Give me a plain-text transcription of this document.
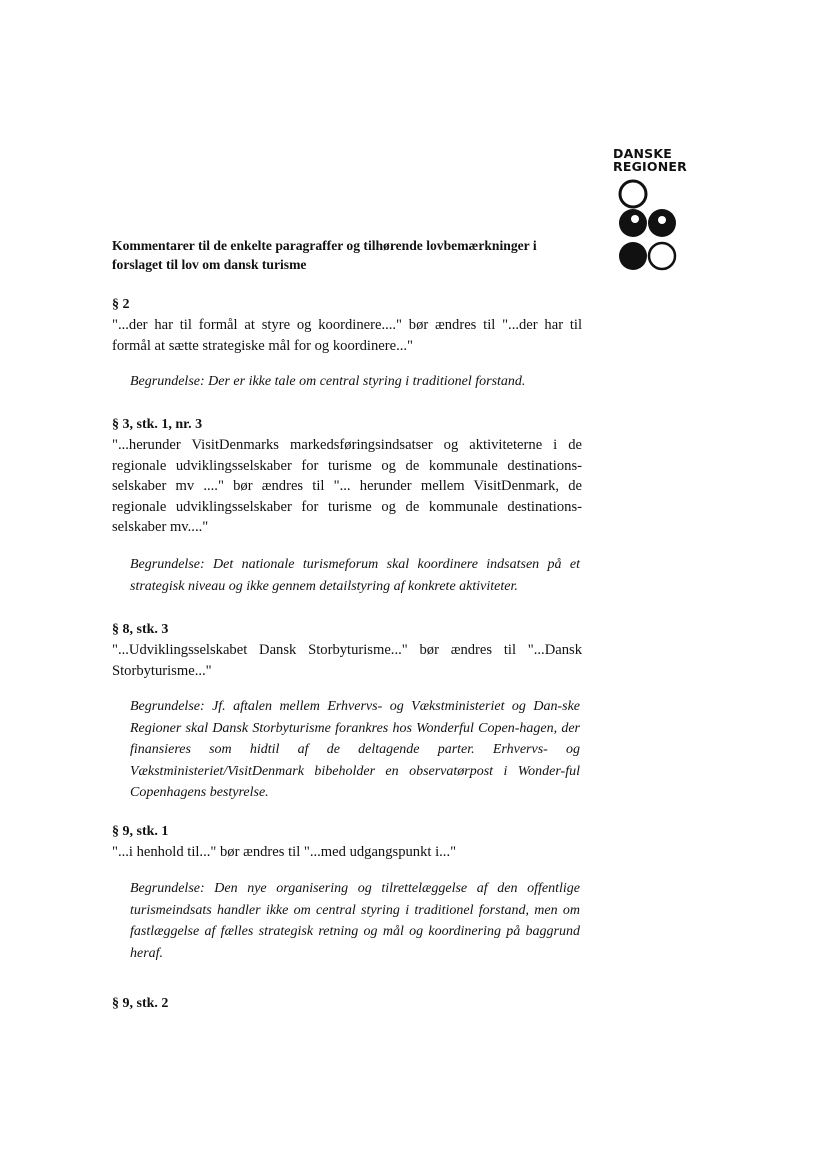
DANSKE
REGIONER

Kommentarer til de enkelte paragraffer og tilhørende lovbemærkninger i

forslaget til lov om dansk turisme

§ 2

"...der har til formål at styre og koordinere...." bør ændres til "...der har til formål at sætte strategiske mål for og koordinere..."

Begrundelse: Der er ikke tale om central styring i traditionel forstand.

§ 3, stk. 1, nr. 3

"...herunder VisitDenmarks markedsføringsindsatser og aktiviteterne i de regionale udviklingsselskaber for turisme og de kommunale destinations-selskaber mv ...." bør ændres til "... herunder mellem VisitDenmark, de regionale udviklingsselskaber for turisme og de kommunale destinations-selskaber mv...."

Begrundelse: Det nationale turismeforum skal koordinere indsatsen på et strategisk niveau og ikke gennem detailstyring af konkrete aktiviteter.

§ 8, stk. 3

"...Udviklingsselskabet Dansk Storbyturisme..." bør ændres til "...Dansk Storbyturisme..."

Begrundelse: Jf. aftalen mellem Erhvervs- og Vækstministeriet og Dan-ske Regioner skal Dansk Storbyturisme forankres hos Wonderful Copen-hagen, der finansieres som hidtil af de deltagende parter. Erhvervs- og Vækstministeriet/VisitDenmark bibeholder en observatørpost i Wonder-ful Copenhagens bestyrelse.

§ 9, stk. 1

"...i henhold til..." bør ændres til "...med udgangspunkt i..."

Begrundelse: Den nye organisering og tilrettelæggelse af den offentlige turismeindsats handler ikke om central styring i traditionel forstand, men om fastlæggelse af fælles strategisk retning og mål og koordinering på baggrund heraf.

§ 9, stk. 2
